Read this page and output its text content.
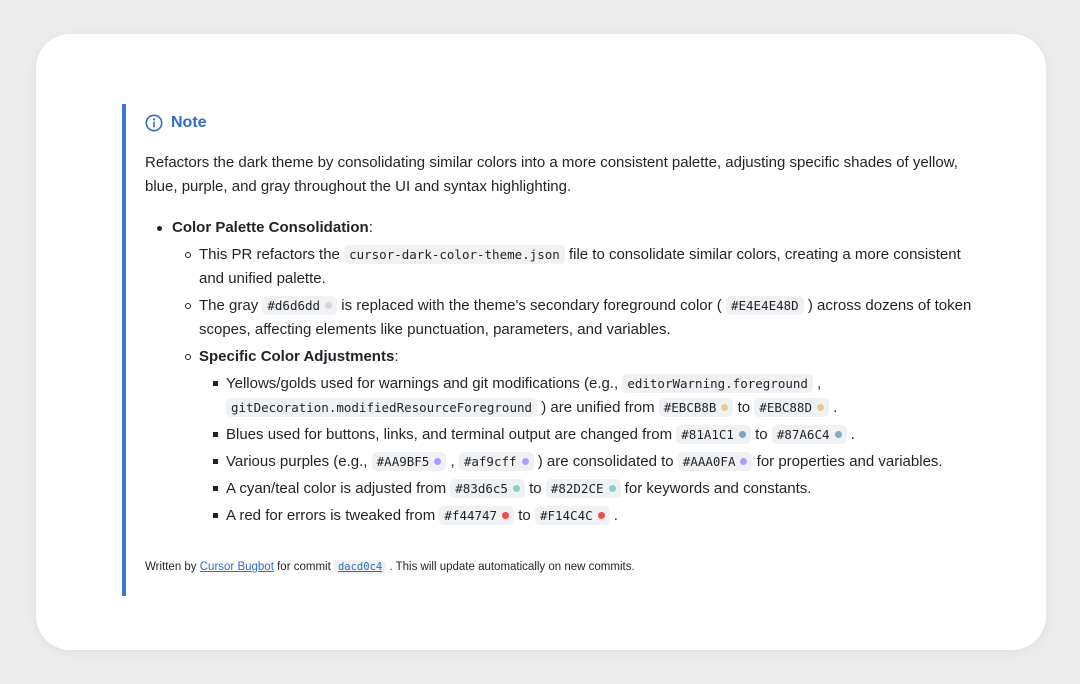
Note

Refactors the dark theme by consolidating similar colors into a more consistent palette, adjusting specific shades of yellow, blue, purple, and gray throughout the UI and syntax highlighting.

Color Palette Consolidation:
This PR refactors the cursor-dark-color-theme.json file to consolidate similar colors, creating a more consistent and unified palette.
The gray #d6d6dd is replaced with the theme's secondary foreground color ( #E4E4E48D ) across dozens of token scopes, affecting elements like punctuation, parameters, and variables.
Specific Color Adjustments:
Yellows/golds used for warnings and git modifications (e.g., editorWarning.foreground , gitDecoration.modifiedResourceForeground ) are unified from #EBCB8B to #EBC88D .
Blues used for buttons, links, and terminal output are changed from #81A1C1 to #87A6C4 .
Various purples (e.g., #AA9BF5 , #af9cff ) are consolidated to #AAA0FA for properties and variables.
A cyan/teal color is adjusted from #83d6c5 to #82D2CE for keywords and constants.
A red for errors is tweaked from #f44747 to #F14C4C .
Written by Cursor Bugbot for commit dacd0c4 . This will update automatically on new commits.
